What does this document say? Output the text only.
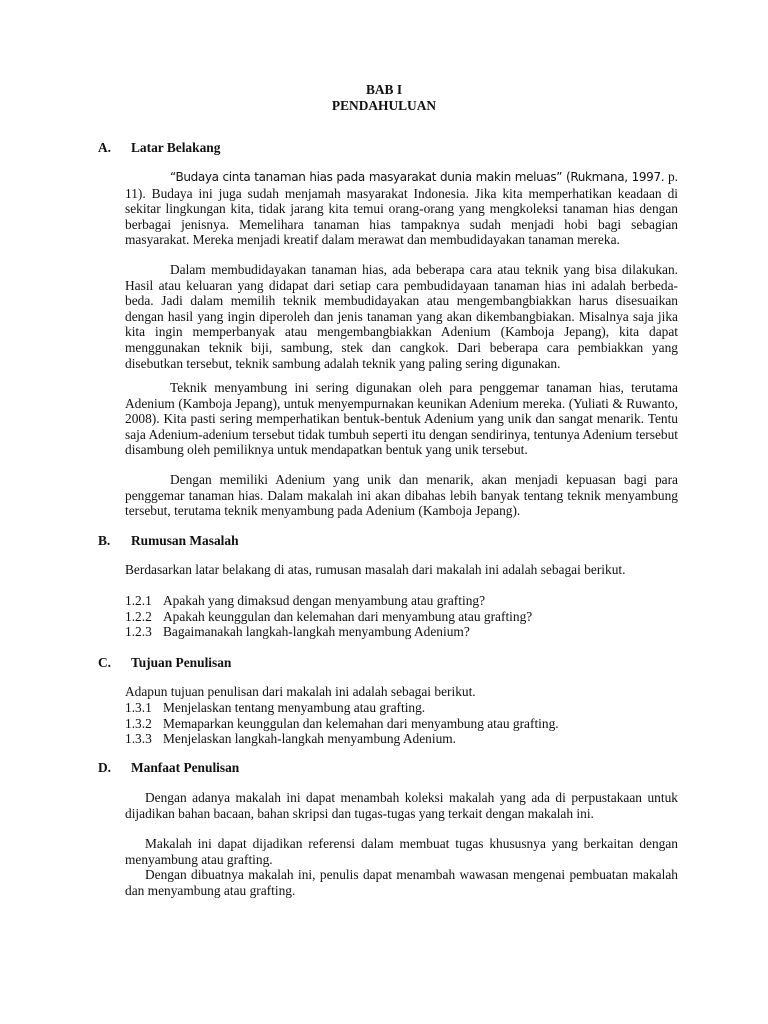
BAB I
PENDAHULUAN
A. Latar Belakang

“Budaya cinta tanaman hias pada masyarakat dunia makin meluas” (Rukmana, 1997. p. 11). Budaya ini juga sudah menjamah masyarakat Indonesia. Jika kita memperhatikan keadaan di sekitar lingkungan kita, tidak jarang kita temui orang-orang yang mengkoleksi tanaman hias dengan berbagai jenisnya. Memelihara tanaman hias tampaknya sudah menjadi hobi bagi sebagian masyarakat. Mereka menjadi kreatif dalam merawat dan membudidayakan tanaman mereka.

Dalam membudidayakan tanaman hias, ada beberapa cara atau teknik yang bisa dilakukan. Hasil atau keluaran yang didapat dari setiap cara pembudidayaan tanaman hias ini adalah berbeda-beda. Jadi dalam memilih teknik membudidayakan atau mengembangbiakkan harus disesuaikan dengan hasil yang ingin diperoleh dan jenis tanaman yang akan dikembangbiakan. Misalnya saja jika kita ingin memperbanyak atau mengembangbiakkan Adenium (Kamboja Jepang), kita dapat menggunakan teknik biji, sambung, stek dan cangkok. Dari beberapa cara pembiakkan yang disebutkan tersebut, teknik sambung adalah teknik yang paling sering digunakan.

Teknik menyambung ini sering digunakan oleh para penggemar tanaman hias, terutama Adenium (Kamboja Jepang), untuk menyempurnakan keunikan Adenium mereka. (Yuliati & Ruwanto, 2008). Kita pasti sering memperhatikan bentuk-bentuk Adenium yang unik dan sangat menarik. Tentu saja Adenium-adenium tersebut tidak tumbuh seperti itu dengan sendirinya, tentunya Adenium tersebut disambung oleh pemiliknya untuk mendapatkan bentuk yang unik tersebut.

Dengan memiliki Adenium yang unik dan menarik, akan menjadi kepuasan bagi para penggemar tanaman hias. Dalam makalah ini akan dibahas lebih banyak tentang teknik menyambung tersebut, terutama teknik menyambung pada Adenium (Kamboja Jepang).

B. Rumusan Masalah

Berdasarkan latar belakang di atas, rumusan masalah dari makalah ini adalah sebagai berikut.

1.2.1 Apakah yang dimaksud dengan menyambung atau grafting?
1.2.2 Apakah keunggulan dan kelemahan dari menyambung atau grafting?
1.2.3 Bagaimanakah langkah-langkah menyambung Adenium?
C. Tujuan Penulisan

Adapun tujuan penulisan dari makalah ini adalah sebagai berikut.

1.3.1 Menjelaskan tentang menyambung atau grafting.
1.3.2 Memaparkan keunggulan dan kelemahan dari menyambung atau grafting.
1.3.3 Menjelaskan langkah-langkah menyambung Adenium.
D. Manfaat Penulisan

Dengan adanya makalah ini dapat menambah koleksi makalah yang ada di perpustakaan untuk dijadikan bahan bacaan, bahan skripsi dan tugas-tugas yang terkait dengan makalah ini.

Makalah ini dapat dijadikan referensi dalam membuat tugas khususnya yang berkaitan dengan menyambung atau grafting.

Dengan dibuatnya makalah ini, penulis dapat menambah wawasan mengenai pembuatan makalah dan menyambung atau grafting.
